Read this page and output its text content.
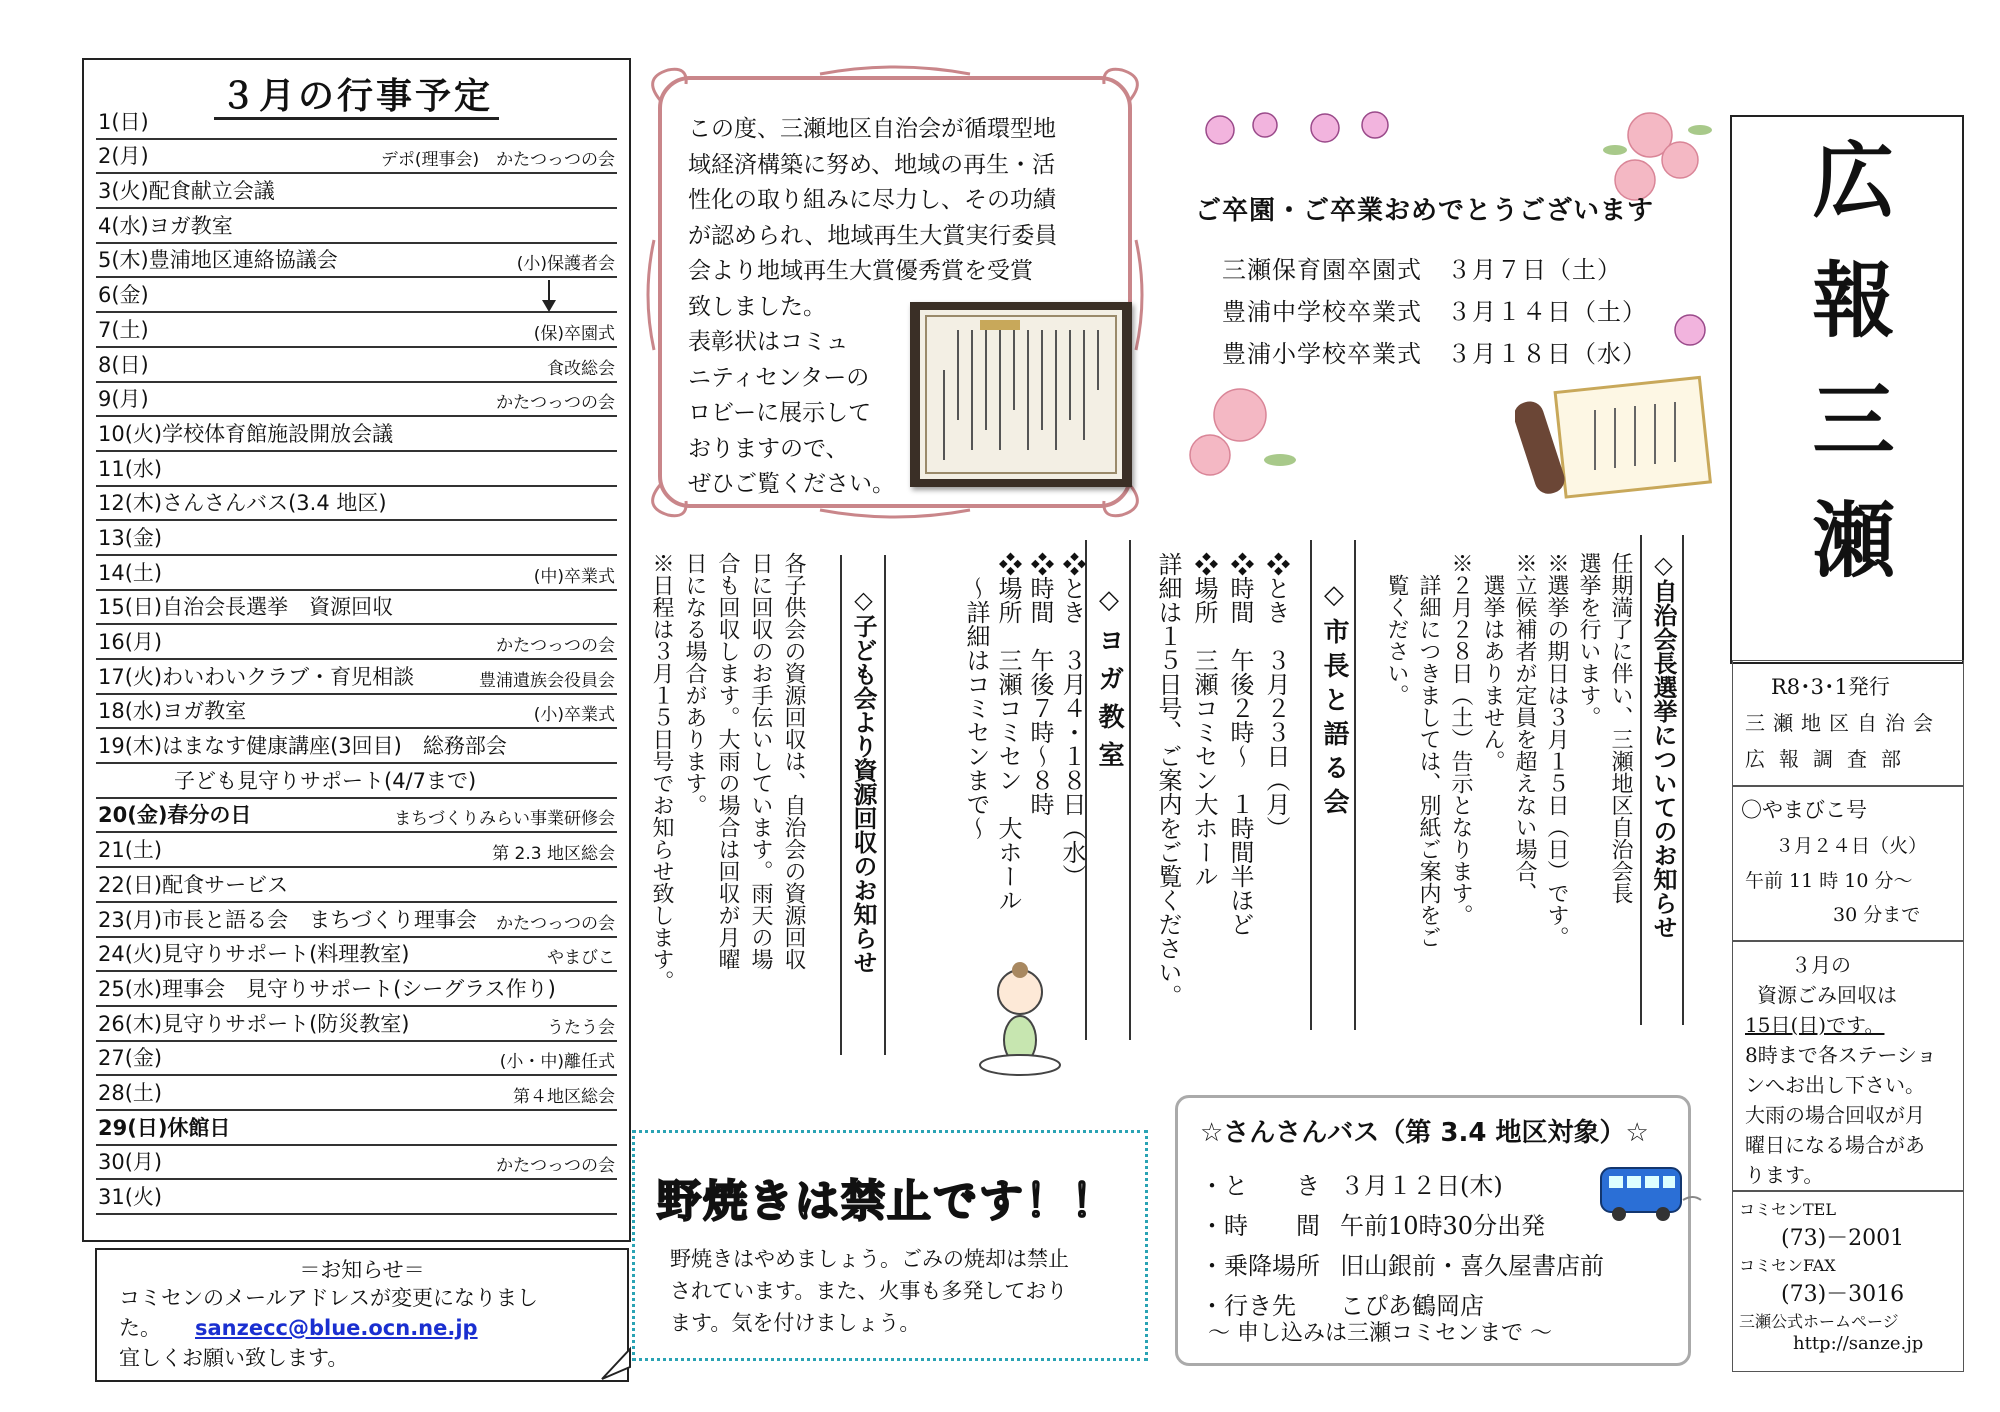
３月の行事予定
1(日)
2(月)	デポ(理事会)　かたつっつの会
3(火)配食献立会議
4(水)ヨガ教室
5(木)豊浦地区連絡協議会	(小)保護者会
6(金)
7(土)	(保)卒園式
8(日)	食改総会
9(月)	かたつっつの会
10(火)学校体育館施設開放会議
11(水)
12(木)さんさんバス(3.4 地区)
13(金)
14(土)	(中)卒業式
15(日)自治会長選挙　資源回収
16(月)	かたつっつの会
17(火)わいわいクラブ・育児相談	豊浦遺族会役員会
18(水)ヨガ教室	(小)卒業式
19(木)はまなす健康講座(3回目)　総務部会
子ども見守りサポート(4/7まで)
20(金)春分の日	まちづくりみらい事業研修会
21(土)	第 2.3 地区総会
22(日)配食サービス
23(月)市長と語る会　まちづくり理事会 かたつっつの会
24(火)見守りサポート(料理教室)	やまびこ
25(水)理事会　見守りサポート(シーグラス作り)
26(木)見守りサポート(防災教室)	うたう会
27(金)	(小・中)離任式
28(土)	第４地区総会
29(日)休館日
30(月)	かたつっつの会
31(火)
＝お知らせ＝
コミセンのメールアドレスが変更になりまし
た。 sanzecc@blue.ocn.ne.jp
宜しくお願い致します。
この度、三瀬地区自治会が循環型地
域経済構築に努め、地域の再生・活
性化の取り組みに尽力し、その功績
が認められ、地域再生大賞実行委員
会より地域再生大賞優秀賞を受賞
致しました。
表彰状はコミュ
ニティセンターの
ロビーに展示して
おりますので、
ぜひご覧ください。
ご卒園・ご卒業おめでとうございます
三瀬保育園卒園式　３月７日（土）
豊浦中学校卒業式　３月１４日（土）
豊浦小学校卒業式　３月１８日（水） 広報三瀬
R8･3･1発行
三瀬地区自治会
広報調査部
〇やまびこ号
３月２４日（火）
午前 11 時 10 分～
30 分まで
３月の
資源ごみ回収は
15日(日)です。
8時まで各ステーショ
ンへお出し下さい。
大雨の場合回収が月
曜日になる場合があ
ります。
コミセンTEL
(73)－2001
コミセンFAX
(73)－3016
三瀬公式ホームページ
http://sanze.jp
◇自治会長選挙についてのお知らせ
任期満了に伴い、三瀬地区自治会長
選挙を行います。
※選挙の期日は３月１５日（日）です。
※立候補者が定員を超えない場合、
　選挙はありません。
※２月２８日（土）告示となります。
　詳細につきましては、別紙ご案内をご
　覧ください。
◇市長と語る会
❖とき　３月２３日（月）
❖時間　午後２時～　１時間半ほど
❖場所　三瀬コミセン大ホール
詳細は１５日号、ご案内をご覧ください。
◇ヨガ教室
❖とき　３月４・１８日（水）
❖時間　午後７時～８時
❖場所　三瀬コミセン　大ホール
　～詳細はコミセンまで～
◇子ども会より資源回収のお知らせ
各子供会の資源回収は、自治会の資源回収
日に回収のお手伝いしています。雨天の場
合も回収します。大雨の場合は回収が月曜
日になる場合があります。
※日程は３月１５日号でお知らせ致します。
野焼きは禁止です！！
野焼きはやめましょう。ごみの焼却は禁止
されています。また、火事も多発しており
ます。気を付けましょう。
☆さんさんバス（第 3.4 地区対象）☆
・と　　き ３月１２日(木)
・時　　間 午前10時30分出発
・乗降場所 旧山銀前・喜久屋書店前
・行き先 こぴあ鶴岡店
～ 申し込みは三瀬コミセンまで ～
